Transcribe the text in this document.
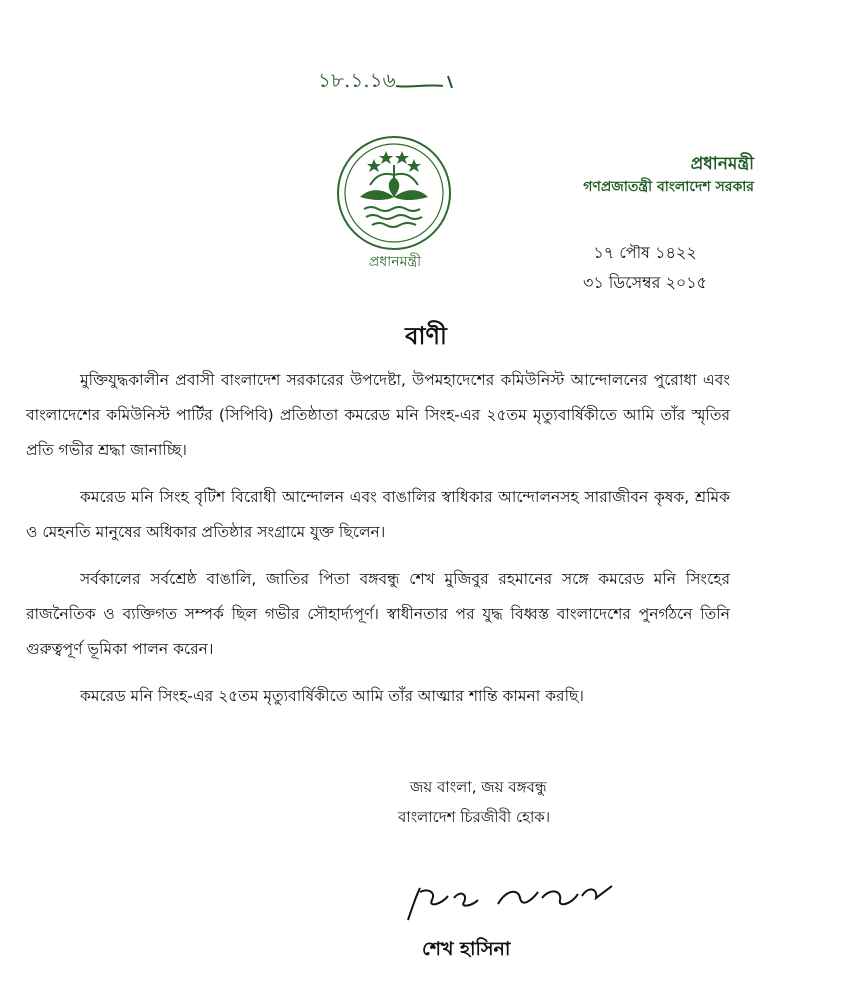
১৮.১.১৬
প্রধানমন্ত্রী
প্রধানমন্ত্রী
গণপ্রজাতন্ত্রী বাংলাদেশ সরকার
১৭ পৌষ ১৪২২
৩১ ডিসেম্বর ২০১৫
বাণী

মুক্তিযুদ্ধকালীন প্রবাসী বাংলাদেশ সরকারের উপদেষ্টা, উপমহাদেশের কমিউনিস্ট আন্দোলনের পুরোধা এবং বাংলাদেশের কমিউনিস্ট পার্টির (সিপিবি) প্রতিষ্ঠাতা কমরেড মনি সিংহ-এর ২৫তম মৃত্যুবার্ষিকীতে আমি তাঁর স্মৃতির প্রতি গভীর শ্রদ্ধা জানাচ্ছি।

কমরেড মনি সিংহ বৃটিশ বিরোধী আন্দোলন এবং বাঙালির স্বাধিকার আন্দোলনসহ সারাজীবন কৃষক, শ্রমিক ও মেহনতি মানুষের অধিকার প্রতিষ্ঠার সংগ্রামে যুক্ত ছিলেন।

সর্বকালের সর্বশ্রেষ্ঠ বাঙালি, জাতির পিতা বঙ্গবন্ধু শেখ মুজিবুর রহমানের সঙ্গে কমরেড মনি সিংহের রাজনৈতিক ও ব্যক্তিগত সম্পর্ক ছিল গভীর সৌহার্দ্যপূর্ণ। স্বাধীনতার পর যুদ্ধ বিধ্বস্ত বাংলাদেশের পুনর্গঠনে তিনি গুরুত্বপূর্ণ ভূমিকা পালন করেন।

কমরেড মনি সিংহ-এর ২৫তম মৃত্যুবার্ষিকীতে আমি তাঁর আত্মার শান্তি কামনা করছি।

জয় বাংলা, জয় বঙ্গবন্ধু
বাংলাদেশ চিরজীবী হোক।
শেখ হাসিনা
